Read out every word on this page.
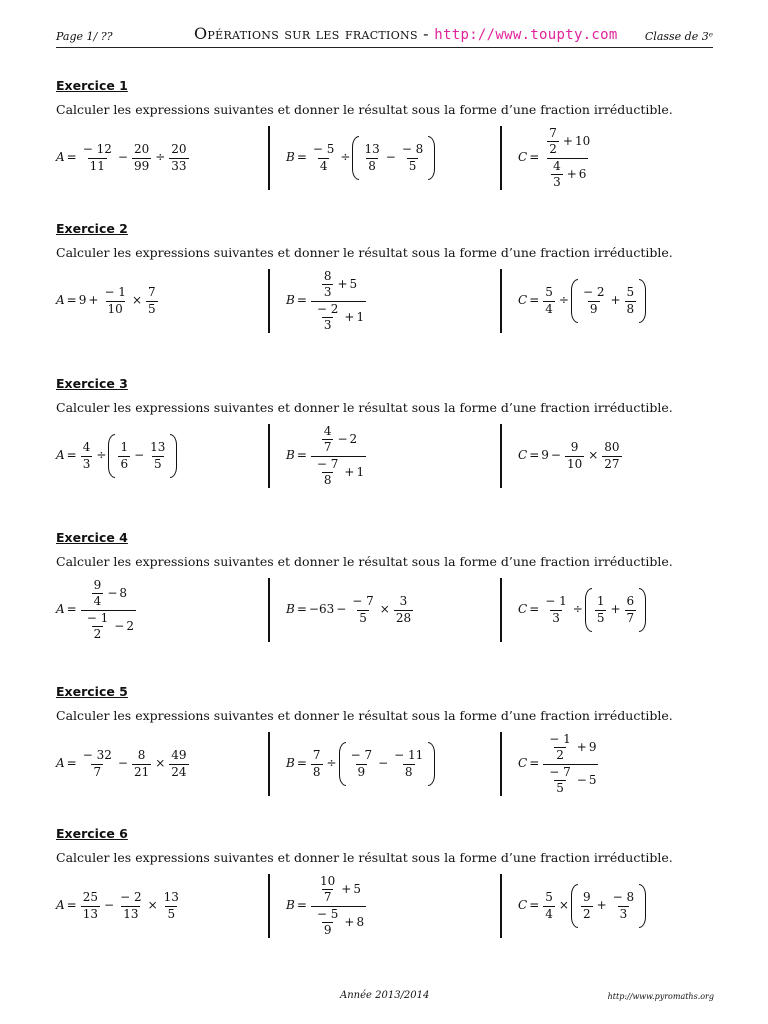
Page 1/ ??	Opérations sur les fractions - http://www.toupty.com Classe de 3ᵉ
Exercice 1
Calculer les expressions suivantes et donner le résultat sous la forme d’une fraction irréductible.
$A = \frac{- 12}{11} - \frac{20}{99} \div \frac{20}{33}$	$B = \frac{- 5}{4} \div \frac{13}{8} - \frac{- 8}{5}$	$C = \frac{\frac{7}{2} + 10}{\frac{4}{3} + 6}$
Exercice 2
Calculer les expressions suivantes et donner le résultat sous la forme d’une fraction irréductible.
$A = 9 + \frac{- 1}{10} \times \frac{7}{5}$	$B = \frac{\frac{8}{3} + 5}{\frac{- 2}{3} + 1}$	$C = \frac{5}{4} \div \frac{- 2}{9} + \frac{5}{8}$
Exercice 3
Calculer les expressions suivantes et donner le résultat sous la forme d’une fraction irréductible.
$A = \frac{4}{3} \div \frac{1}{6} - \frac{13}{5}$	$B = \frac{\frac{4}{7} - 2}{\frac{- 7}{8} + 1}$	$C = 9 - \frac{9}{10} \times \frac{80}{27}$
Exercice 4
Calculer les expressions suivantes et donner le résultat sous la forme d’une fraction irréductible.
$A = \frac{\frac{9}{4} - 8}{\frac{- 1}{2} - 2}$	$B = -63 - \frac{- 7}{5} \times \frac{3}{28}$	$C = \frac{- 1}{3} \div \frac{1}{5} + \frac{6}{7}$
Exercice 5
Calculer les expressions suivantes et donner le résultat sous la forme d’une fraction irréductible.
$A = \frac{- 32}{7} - \frac{8}{21} \times \frac{49}{24}$	$B = \frac{7}{8} \div \frac{- 7}{9} - \frac{- 11}{8}$	$C = \frac{\frac{- 1}{2} + 9}{\frac{- 7}{5} - 5}$
Exercice 6
Calculer les expressions suivantes et donner le résultat sous la forme d’une fraction irréductible.
$A = \frac{25}{13} - \frac{- 2}{13} \times \frac{13}{5}$	$B = \frac{\frac{10}{7} + 5}{\frac{- 5}{9} + 8}$	$C = \frac{5}{4} \times \frac{9}{2} + \frac{- 8}{3}$
Année 2013/2014	http://www.pyromaths.org
